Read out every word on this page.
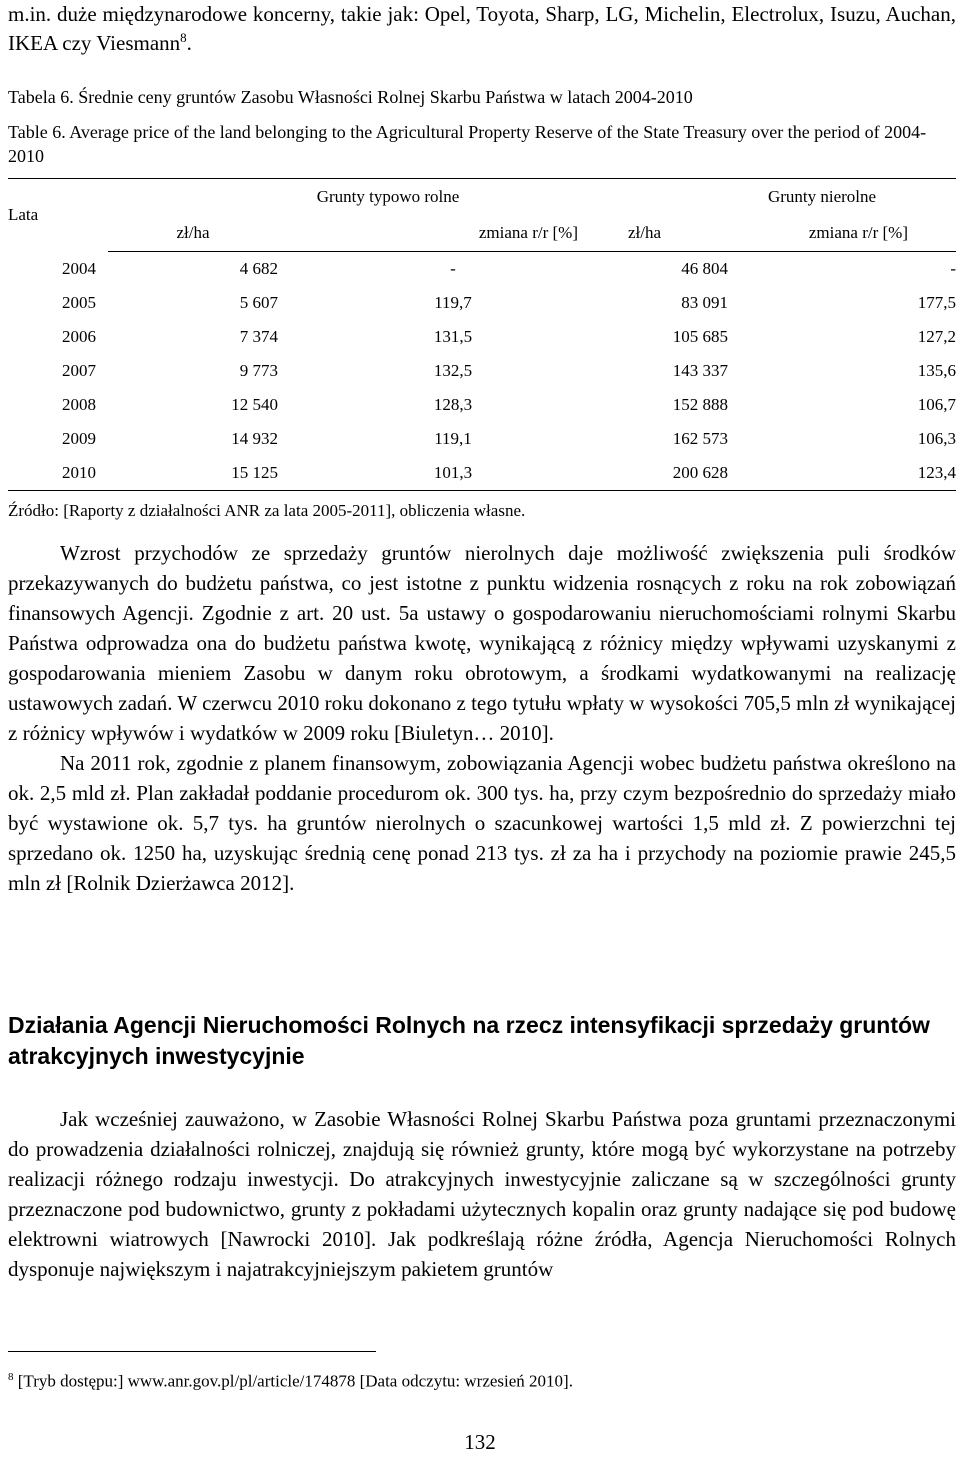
m.in. duże międzynarodowe koncerny, takie jak: Opel, Toyota, Sharp, LG, Michelin, Electrolux, Isuzu, Auchan, IKEA czy Viesmann$^8$.
Tabela 6. Średnie ceny gruntów Zasobu Własności Rolnej Skarbu Państwa w latach 2004-2010
Table 6. Average price of the land belonging to the Agricultural Property Reserve of the State Treasury over the period of 2004-2010
Lata	Grunty typowo rolne		Grunty nierolne	
	zł/ha	zmiana r/r [%]	zł/ha	zmiana r/r [%]
2004	4 682	-	46 804	-
2005	5 607	119,7	83 091	177,5
2006	7 374	131,5	105 685	127,2
2007	9 773	132,5	143 337	135,6
2008	12 540	128,3	152 888	106,7
2009	14 932	119,1	162 573	106,3
2010	15 125	101,3	200 628	123,4
Źródło: [Raporty z działalności ANR za lata 2005-2011], obliczenia własne.

Wzrost przychodów ze sprzedaży gruntów nierolnych daje możliwość zwiększenia puli środków przekazywanych do budżetu państwa, co jest istotne z punktu widzenia rosnących z roku na rok zobowiązań finansowych Agencji. Zgodnie z art. 20 ust. 5a ustawy o gospodarowaniu nieruchomościami rolnymi Skarbu Państwa odprowadza ona do budżetu państwa kwotę, wynikającą z różnicy między wpływami uzyskanymi z gospodarowania mieniem Zasobu w danym roku obrotowym, a środkami wydatkowanymi na realizację ustawowych zadań. W czerwcu 2010 roku dokonano z tego tytułu wpłaty w wysokości 705,5 mln zł wynikającej z różnicy wpływów i wydatków w 2009 roku [Biuletyn… 2010].

Na 2011 rok, zgodnie z planem finansowym, zobowiązania Agencji wobec budżetu państwa określono na ok. 2,5 mld zł. Plan zakładał poddanie procedurom ok. 300 tys. ha, przy czym bezpośrednio do sprzedaży miało być wystawione ok. 5,7 tys. ha gruntów nierolnych o szacunkowej wartości 1,5 mld zł. Z powierzchni tej sprzedano ok. 1250 ha, uzyskując średnią cenę ponad 213 tys. zł za ha i przychody na poziomie prawie 245,5 mln zł [Rolnik Dzierżawca 2012].

Działania Agencji Nieruchomości Rolnych na rzecz intensyfikacji sprzedaży gruntów atrakcyjnych inwestycyjnie

Jak wcześniej zauważono, w Zasobie Własności Rolnej Skarbu Państwa poza gruntami przeznaczonymi do prowadzenia działalności rolniczej, znajdują się również grunty, które mogą być wykorzystane na potrzeby realizacji różnego rodzaju inwestycji. Do atrakcyjnych inwestycyjnie zaliczane są w szczególności grunty przeznaczone pod budownictwo, grunty z pokładami użytecznych kopalin oraz grunty nadające się pod budowę elektrowni wiatrowych [Nawrocki 2010]. Jak podkreślają różne źródła, Agencja Nieruchomości Rolnych dysponuje największym i najatrakcyjniejszym pakietem gruntów

$^8$ [Tryb dostępu:] www.anr.gov.pl/pl/article/174878 [Data odczytu: wrzesień 2010].
132
